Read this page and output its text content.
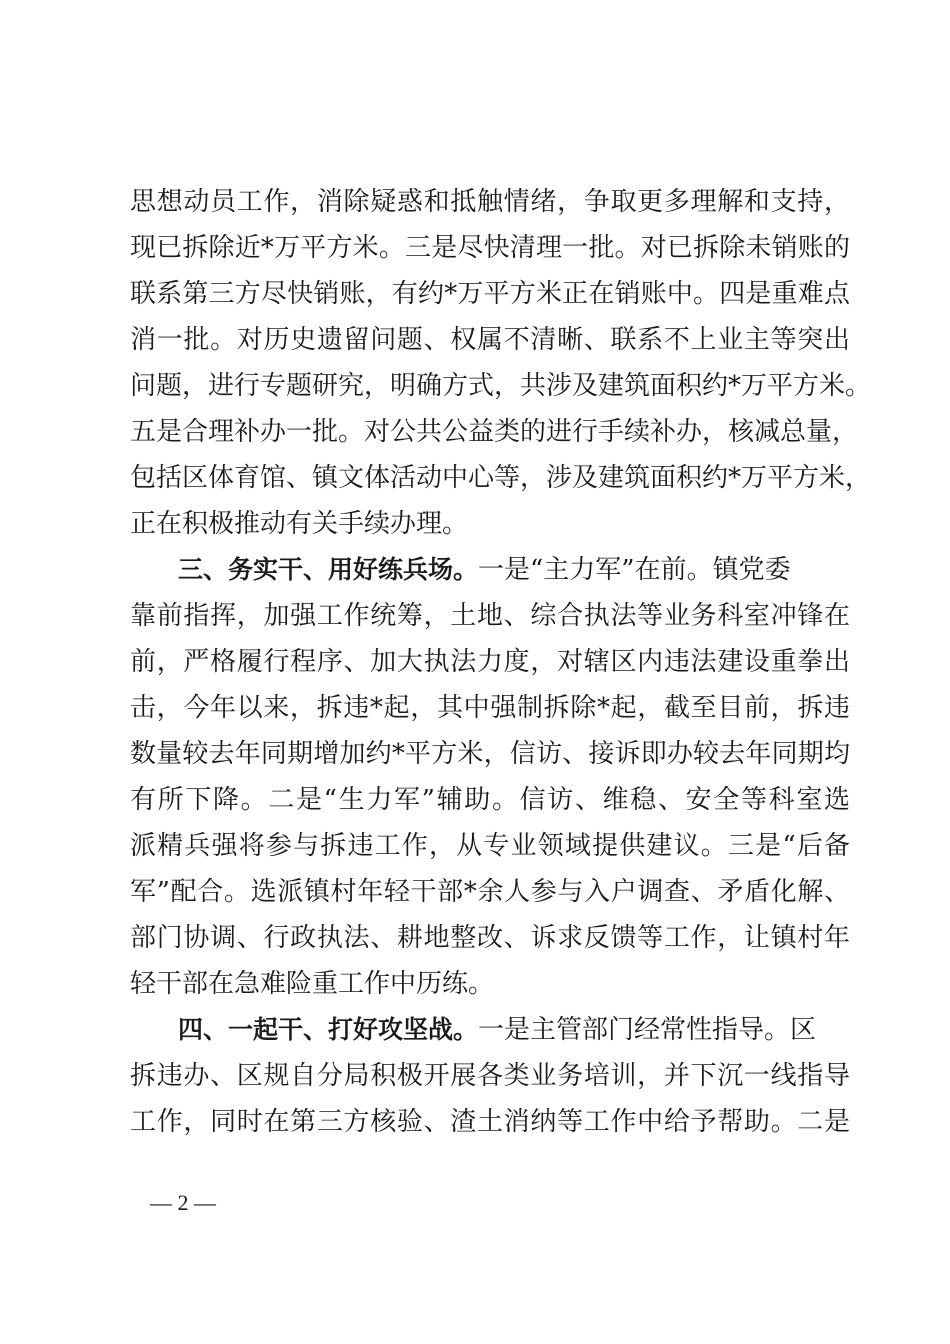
思想动员工作，消除疑惑和抵触情绪，争取更多理解和支持，
现已拆除近*万平方米。三是尽快清理一批。对已拆除未销账的
联系第三方尽快销账，有约*万平方米正在销账中。四是重难点
消一批。对历史遗留问题、权属不清晰、联系不上业主等突出
问题，进行专题研究，明确方式，共涉及建筑面积约*万平方米。
五是合理补办一批。对公共公益类的进行手续补办，核减总量，
包括区体育馆、镇文体活动中心等，涉及建筑面积约*万平方米，
正在积极推动有关手续办理。
三、务实干、用好练兵场。一是“主力军”在前。镇党委
靠前指挥，加强工作统筹，土地、综合执法等业务科室冲锋在
前，严格履行程序、加大执法力度，对辖区内违法建设重拳出
击，今年以来，拆违*起，其中强制拆除*起，截至目前，拆违
数量较去年同期增加约*平方米，信访、接诉即办较去年同期均
有所下降。二是“生力军”辅助。信访、维稳、安全等科室选
派精兵强将参与拆违工作，从专业领域提供建议。三是“后备
军”配合。选派镇村年轻干部*余人参与入户调查、矛盾化解、
部门协调、行政执法、耕地整改、诉求反馈等工作，让镇村年
轻干部在急难险重工作中历练。
四、一起干、打好攻坚战。一是主管部门经常性指导。区
拆违办、区规自分局积极开展各类业务培训，并下沉一线指导
工作，同时在第三方核验、渣土消纳等工作中给予帮助。二是
— 2 —
